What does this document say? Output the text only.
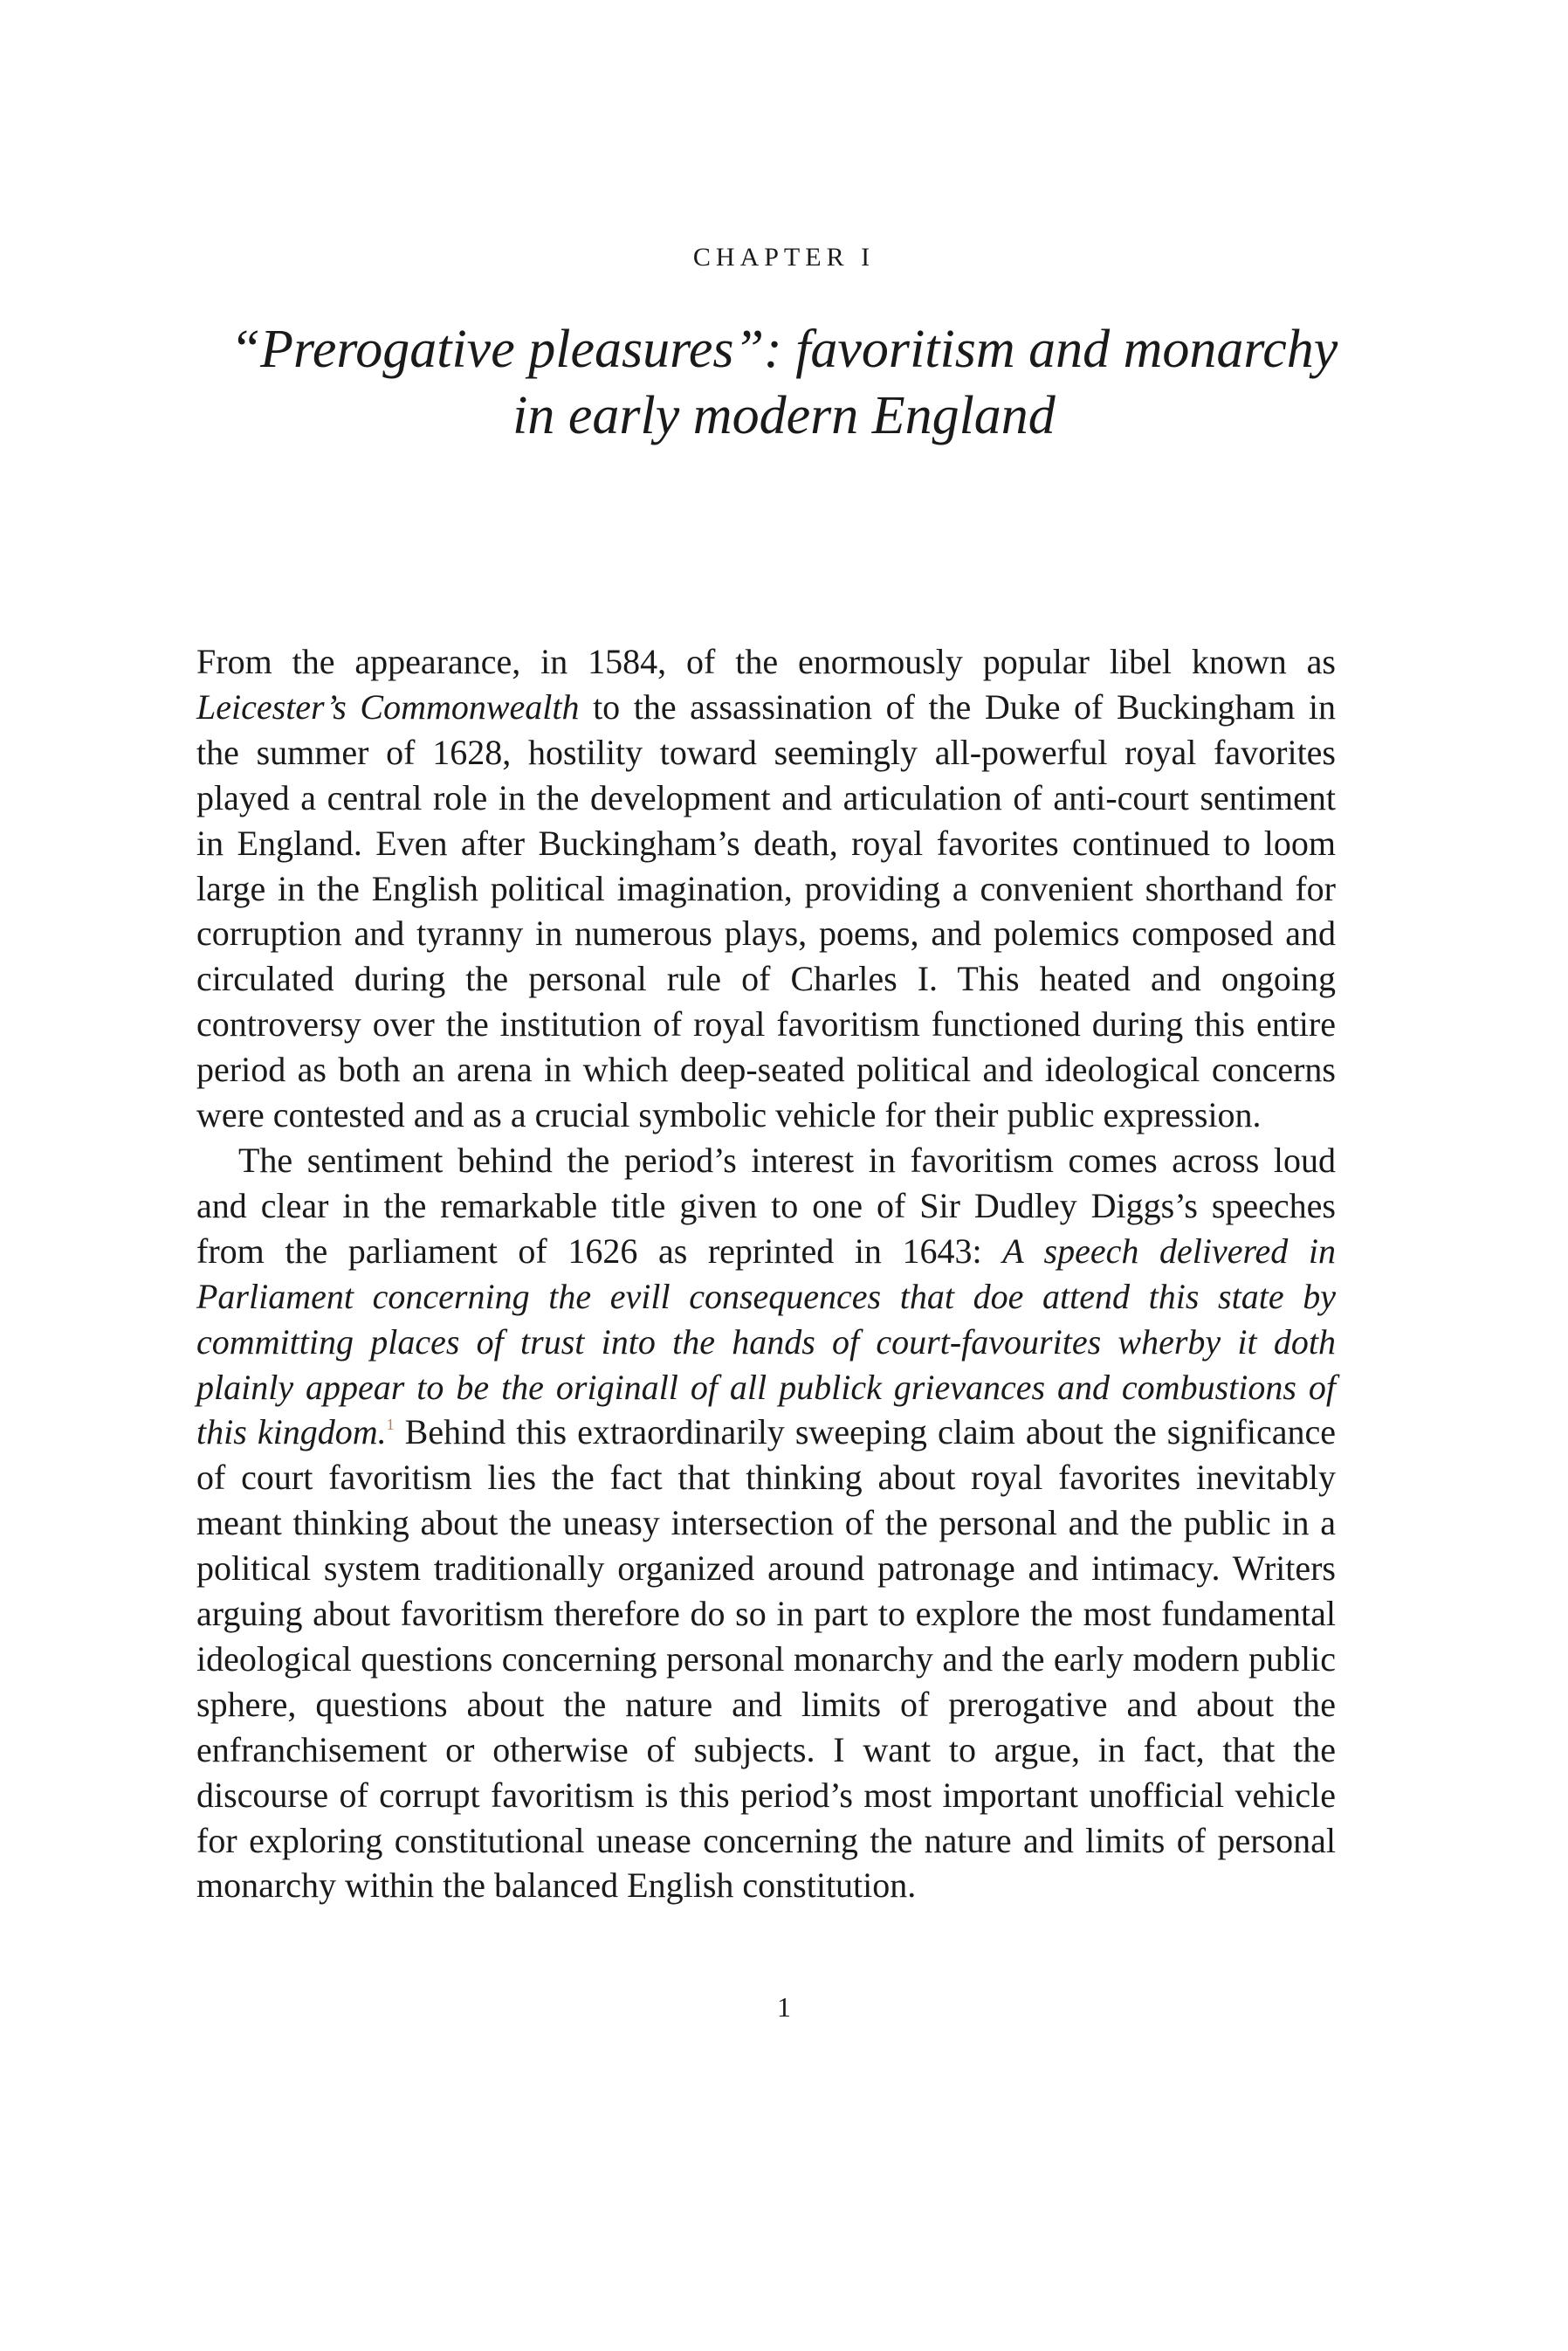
CHAPTER I
“Prerogative pleasures”: favoritism and monarchy
in early modern England

From the appearance, in 1584, of the enormously popular libel known as Leicester’s Commonwealth to the assassination of the Duke of Buckingham in the summer of 1628, hostility toward seemingly all-powerful royal favorites played a central role in the development and articulation of anti-court sentiment in England. Even after Buckingham’s death, royal favorites continued to loom large in the English political imagination, providing a convenient shorthand for corruption and tyranny in numerous plays, poems, and polemics composed and circulated during the personal rule of Charles I. This heated and ongoing controversy over the institution of royal favoritism functioned during this entire period as both an arena in which deep-seated political and ideological concerns were contested and as a crucial symbolic vehicle for their public expression.

The sentiment behind the period’s interest in favoritism comes across loud and clear in the remarkable title given to one of Sir Dudley Diggs’s speeches from the parliament of 1626 as reprinted in 1643: A speech delivered in Parliament concerning the evill consequences that doe attend this state by committing places of trust into the hands of court-favourites wherby it doth plainly appear to be the originall of all publick grievances and combustions of this kingdom.$^1$ Behind this extraordinarily sweeping claim about the significance of court favoritism lies the fact that thinking about royal favorites inevitably meant thinking about the uneasy intersection of the personal and the public in a political system traditionally organized around patronage and intimacy. Writers arguing about favoritism therefore do so in part to explore the most fundamental ideological questions concerning personal monarchy and the early modern public sphere, questions about the nature and limits of prerogative and about the enfranchisement or otherwise of subjects. I want to argue, in fact, that the discourse of corrupt favoritism is this period’s most important unofficial vehicle for exploring constitutional unease concerning the nature and limits of personal monarchy within the balanced English constitution.

1
